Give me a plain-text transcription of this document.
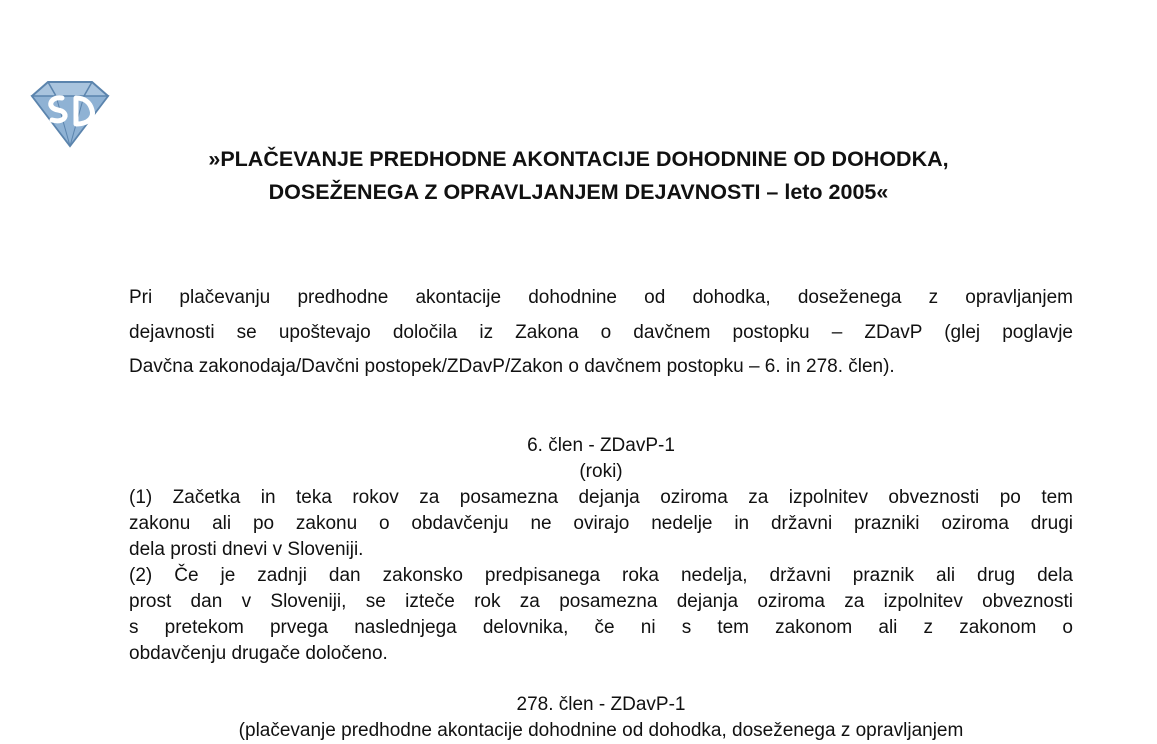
»PLAČEVANJE PREDHODNE AKONTACIJE DOHODNINE OD DOHODKA,
DOSEŽENEGA Z OPRAVLJANJEM DEJAVNOSTI – leto 2005«

Pri plačevanju predhodne akontacije dohodnine od dohodka, doseženega z opravljanjem
dejavnosti se upoštevajo določila iz Zakona o davčnem postopku – ZDavP (glej poglavje
Davčna zakonodaja/Davčni postopek/ZDavP/Zakon o davčnem postopku – 6. in 278. člen).

6. člen - ZDavP-1
(roki)
(1) Začetka in teka rokov za posamezna dejanja oziroma za izpolnitev obveznosti po tem
zakonu ali po zakonu o obdavčenju ne ovirajo nedelje in državni prazniki oziroma drugi
dela prosti dnevi v Sloveniji.
(2) Če je zadnji dan zakonsko predpisanega roka nedelja, državni praznik ali drug dela
prost dan v Sloveniji, se izteče rok za posamezna dejanja oziroma za izpolnitev obveznosti
s pretekom prvega naslednjega delovnika, če ni s tem zakonom ali z zakonom o
obdavčenju drugače določeno.
278. člen - ZDavP-1
(plačevanje predhodne akontacije dohodnine od dohodka, doseženega z opravljanjem
